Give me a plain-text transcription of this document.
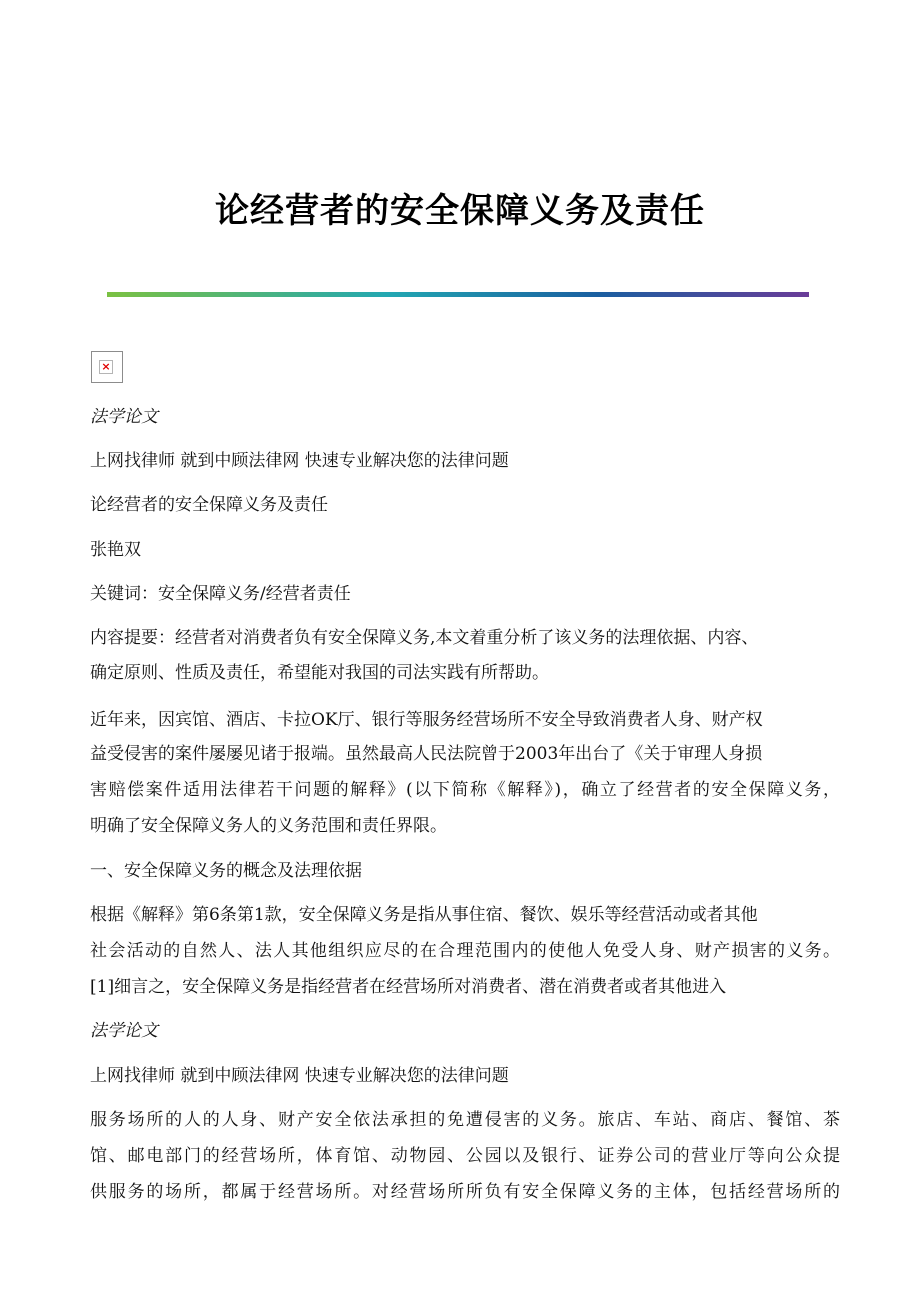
论经营者的安全保障义务及责任
×
法学论文
上网找律师 就到中顾法律网 快速专业解决您的法律问题
论经营者的安全保障义务及责任
张艳双
关键词：安全保障义务/经营者责任
内容提要：经营者对消费者负有安全保障义务,本文着重分析了该义务的法理依据、内容、
确定原则、性质及责任，希望能对我国的司法实践有所帮助。
近年来，因宾馆、酒店、卡拉OK厅、银行等服务经营场所不安全导致消费者人身、财产权
益受侵害的案件屡屡见诸于报端。虽然最高人民法院曾于2003年出台了《关于审理人身损
害赔偿案件适用法律若干问题的解释》(以下简称《解释》)，确立了经营者的安全保障义务，
明确了安全保障义务人的义务范围和责任界限。
一、安全保障义务的概念及法理依据
根据《解释》第6条第1款，安全保障义务是指从事住宿、餐饮、娱乐等经营活动或者其他
社会活动的自然人、法人其他组织应尽的在合理范围内的使他人免受人身、财产损害的义务。
[1]细言之，安全保障义务是指经营者在经营场所对消费者、潜在消费者或者其他进入
法学论文
上网找律师 就到中顾法律网 快速专业解决您的法律问题
服务场所的人的人身、财产安全依法承担的免遭侵害的义务。旅店、车站、商店、餐馆、茶
馆、邮电部门的经营场所，体育馆、动物园、公园以及银行、证券公司的营业厅等向公众提
供服务的场所，都属于经营场所。对经营场所所负有安全保障义务的主体，包括经营场所的
